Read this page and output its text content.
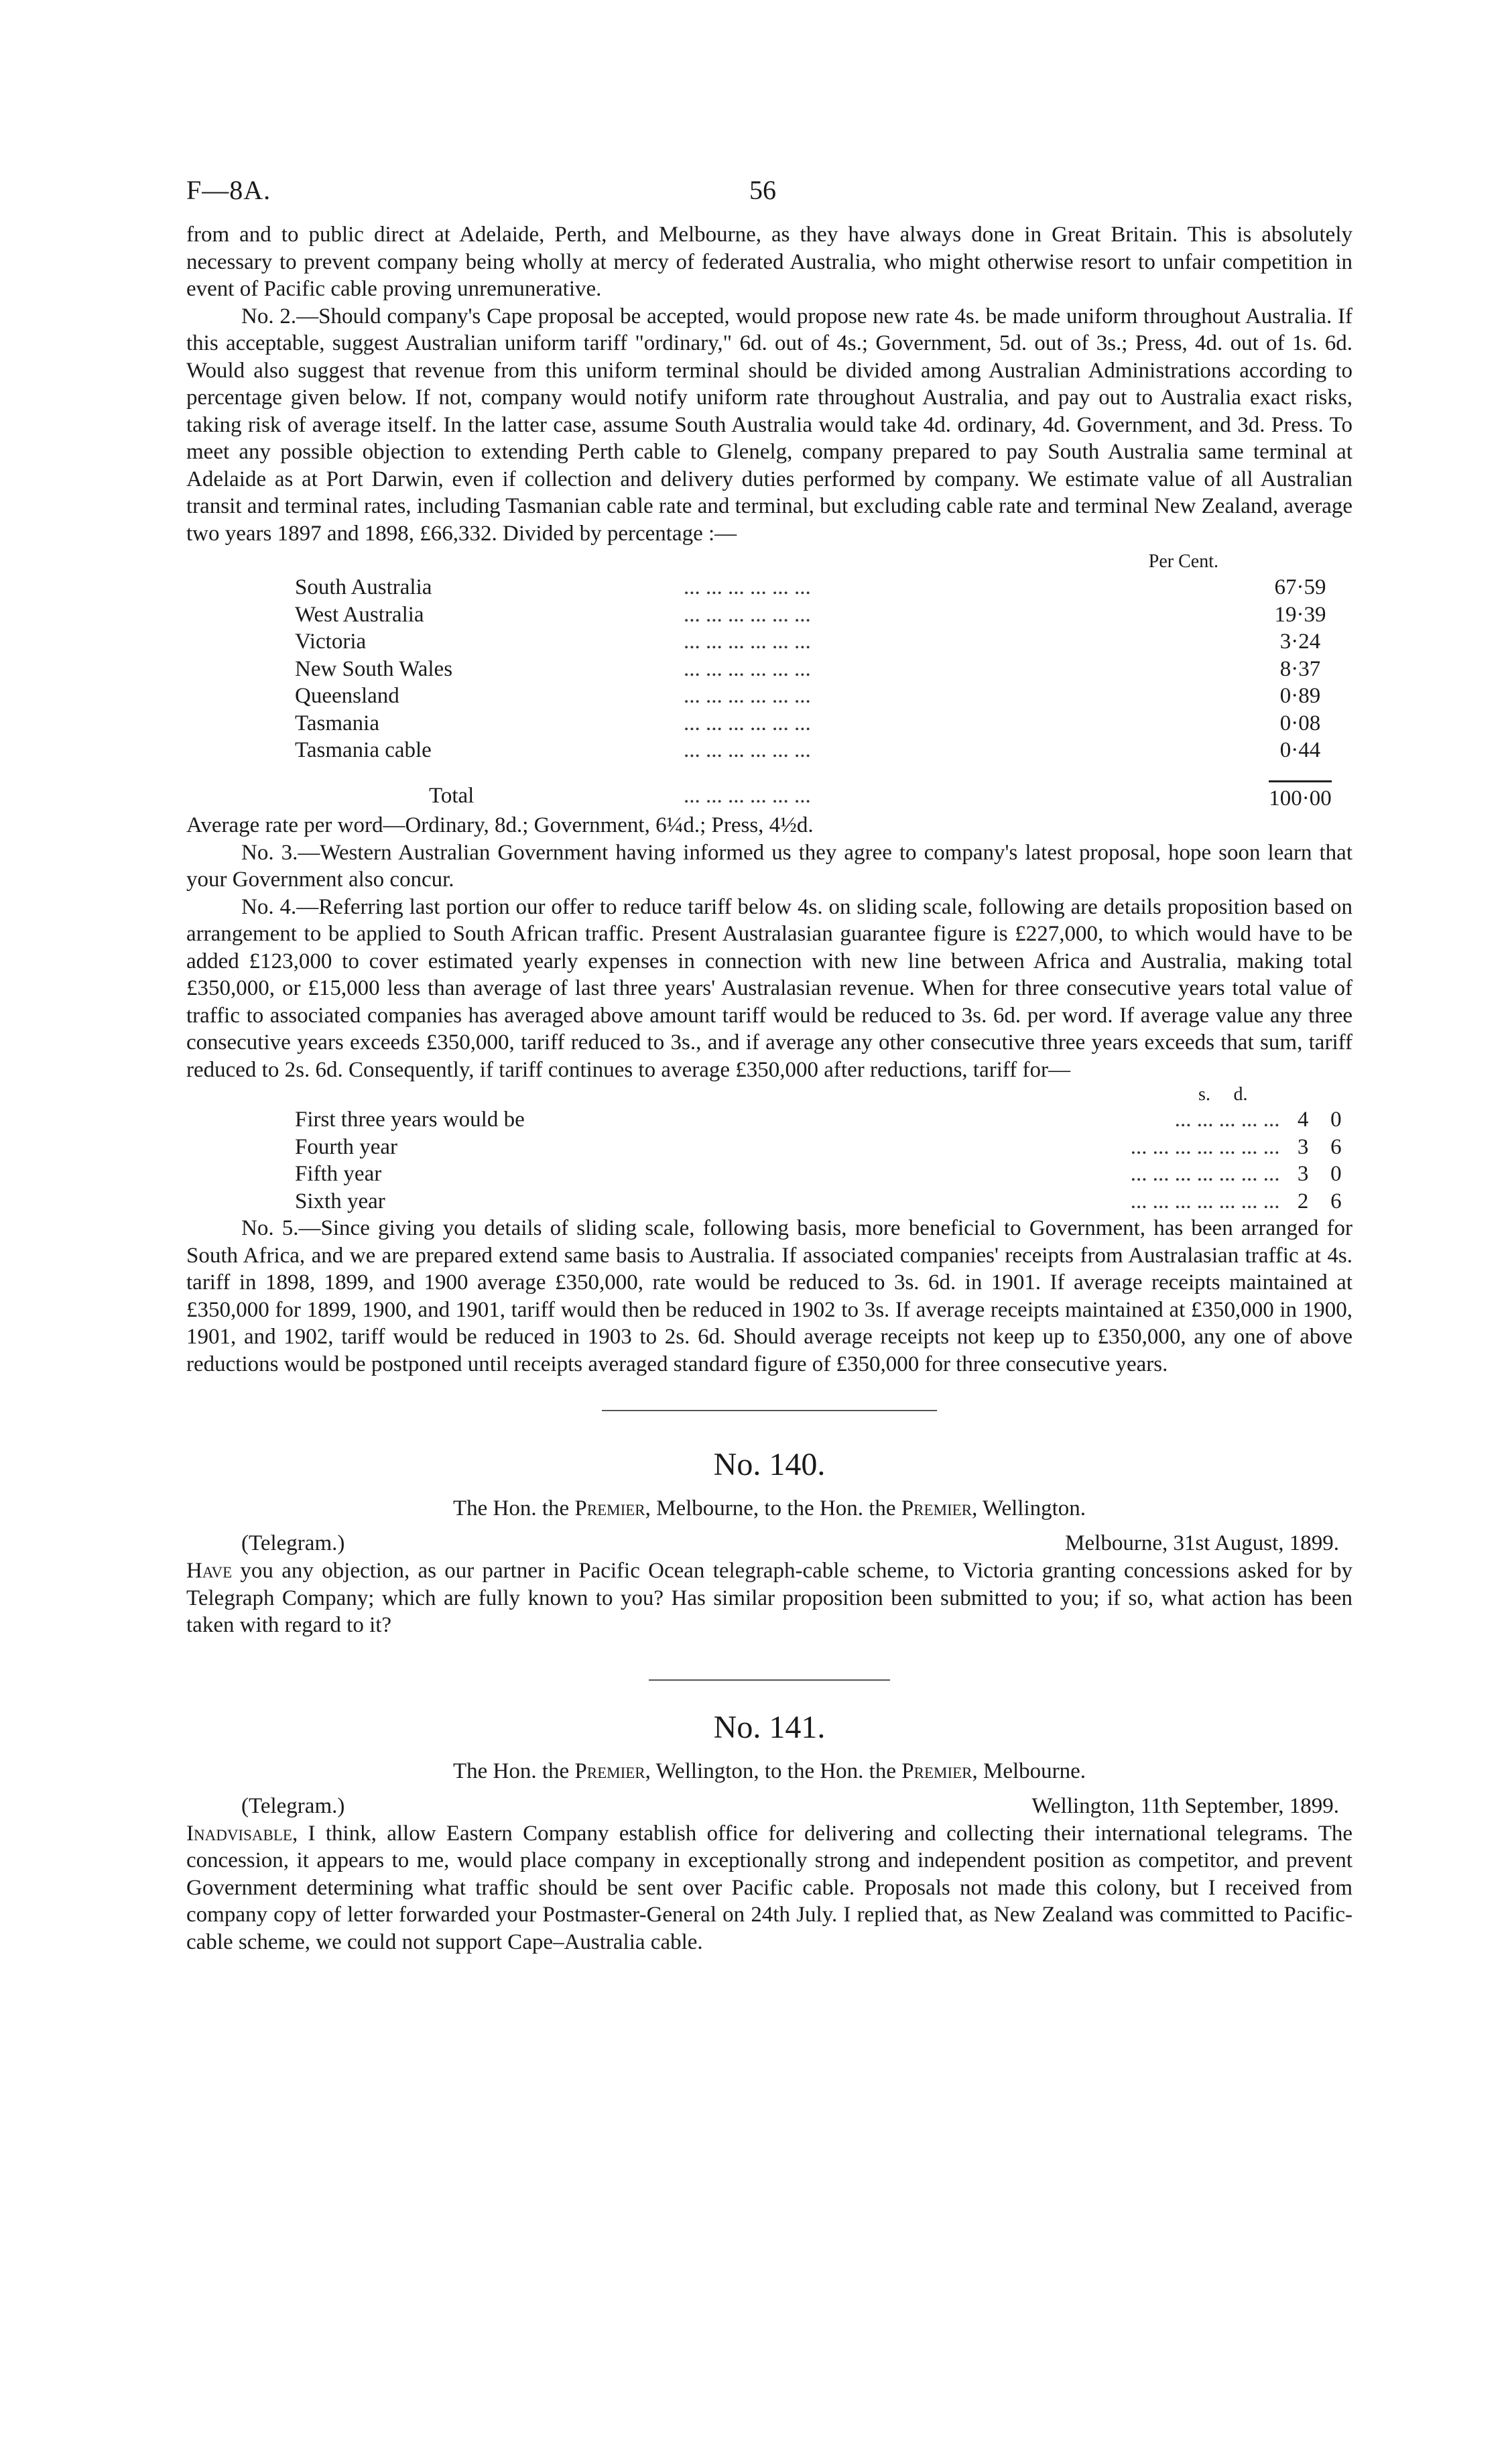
F—8A.	56

from and to public direct at Adelaide, Perth, and Melbourne, as they have always done in Great Britain. This is absolutely necessary to prevent company being wholly at mercy of federated Australia, who might otherwise resort to unfair competition in event of Pacific cable proving unremunerative.

No. 2.—Should company's Cape proposal be accepted, would propose new rate 4s. be made uniform throughout Australia. If this acceptable, suggest Australian uniform tariff "ordinary," 6d. out of 4s.; Government, 5d. out of 3s.; Press, 4d. out of 1s. 6d. Would also suggest that revenue from this uniform terminal should be divided among Australian Administrations according to percentage given below. If not, company would notify uniform rate throughout Australia, and pay out to Australia exact risks, taking risk of average itself. In the latter case, assume South Australia would take 4d. ordinary, 4d. Government, and 3d. Press. To meet any possible objection to extending Perth cable to Glenelg, company prepared to pay South Australia same terminal at Adelaide as at Port Darwin, even if collection and delivery duties performed by company. We estimate value of all Australian transit and terminal rates, including Tasmanian cable rate and terminal, but excluding cable rate and terminal New Zealand, average two years 1897 and 1898, £66,332. Divided by percentage :—

Per Cent.
South Australia	... ... ... ... ... ...	67·59
West Australia	... ... ... ... ... ...	19·39
Victoria	... ... ... ... ... ...	3·24
New South Wales	... ... ... ... ... ...	8·37
Queensland	... ... ... ... ... ...	0·89
Tasmania	... ... ... ... ... ...	0·08
Tasmania cable	... ... ... ... ... ...	0·44
Total	... ... ... ... ... ...	100·00

Average rate per word—Ordinary, 8d.; Government, 6¼d.; Press, 4½d.

No. 3.—Western Australian Government having informed us they agree to company's latest proposal, hope soon learn that your Government also concur.

No. 4.—Referring last portion our offer to reduce tariff below 4s. on sliding scale, following are details proposition based on arrangement to be applied to South African traffic. Present Australasian guarantee figure is £227,000, to which would have to be added £123,000 to cover estimated yearly expenses in connection with new line between Africa and Australia, making total £350,000, or £15,000 less than average of last three years' Australasian revenue. When for three consecutive years total value of traffic to associated companies has averaged above amount tariff would be reduced to 3s. 6d. per word. If average value any three consecutive years exceeds £350,000, tariff reduced to 3s., and if average any other consecutive three years exceeds that sum, tariff reduced to 2s. 6d. Consequently, if tariff continues to average £350,000 after reductions, tariff for—

s. d.
First three years would be	... ... ... ... ...	4	0
Fourth year	... ... ... ... ... ... ...	3	6
Fifth year	... ... ... ... ... ... ...	3	0
Sixth year	... ... ... ... ... ... ...	2	6

No. 5.—Since giving you details of sliding scale, following basis, more beneficial to Government, has been arranged for South Africa, and we are prepared extend same basis to Australia. If associated companies' receipts from Australasian traffic at 4s. tariff in 1898, 1899, and 1900 average £350,000, rate would be reduced to 3s. 6d. in 1901. If average receipts maintained at £350,000 for 1899, 1900, and 1901, tariff would then be reduced in 1902 to 3s. If average receipts maintained at £350,000 in 1900, 1901, and 1902, tariff would be reduced in 1903 to 2s. 6d. Should average receipts not keep up to £350,000, any one of above reductions would be postponed until receipts averaged standard figure of £350,000 for three consecutive years.

No. 140.
The Hon. the Premier, Melbourne, to the Hon. the Premier, Wellington.
(Telegram.)	Melbourne, 31st August, 1899.

Have you any objection, as our partner in Pacific Ocean telegraph-cable scheme, to Victoria granting concessions asked for by Telegraph Company; which are fully known to you? Has similar proposition been submitted to you; if so, what action has been taken with regard to it?

No. 141.
The Hon. the Premier, Wellington, to the Hon. the Premier, Melbourne.
(Telegram.)	Wellington, 11th September, 1899.

Inadvisable, I think, allow Eastern Company establish office for delivering and collecting their international telegrams. The concession, it appears to me, would place company in exceptionally strong and independent position as competitor, and prevent Government determining what traffic should be sent over Pacific cable. Proposals not made this colony, but I received from company copy of letter forwarded your Postmaster-General on 24th July. I replied that, as New Zealand was committed to Pacific-cable scheme, we could not support Cape–Australia cable.
